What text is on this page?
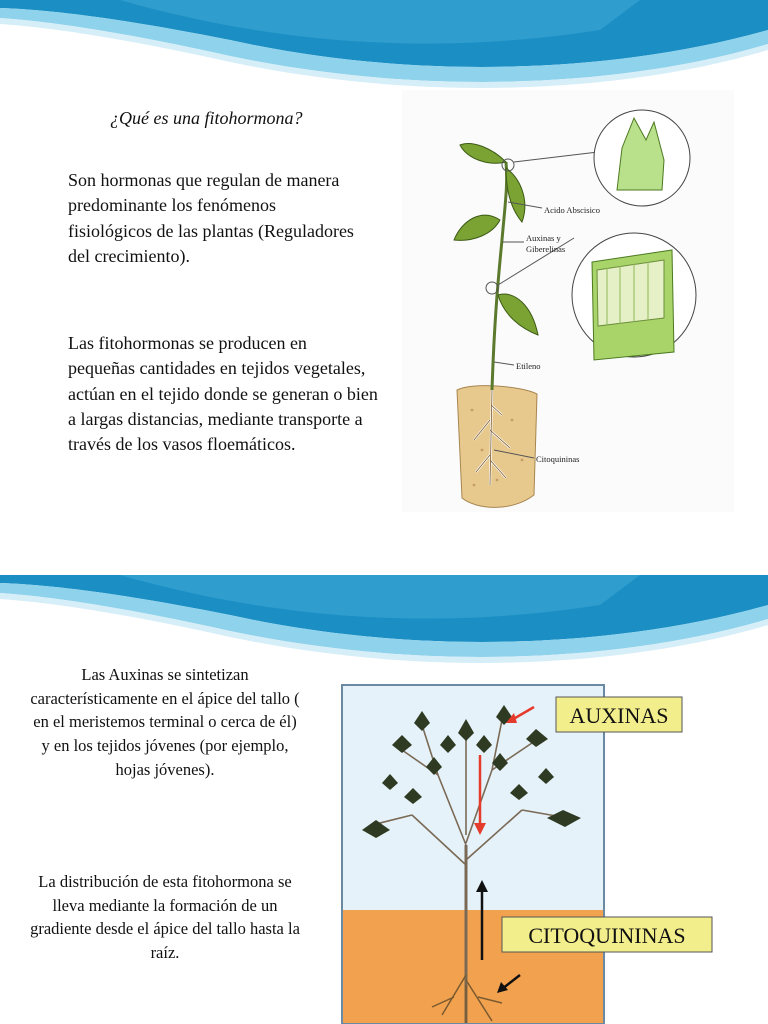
¿Qué es una fitohormona?
Son hormonas que regulan de manera predominante los fenómenos fisiológicos de las plantas (Reguladores del crecimiento).
Las fitohormonas se producen en pequeñas cantidades en tejidos vegetales, actúan en el tejido donde se generan o bien a largas distancias, mediante transporte a través de los vasos floemáticos.
Acido Abscisico
Auxinas y
Giberelinas
Etileno
Citoquininas
Las Auxinas se sintetizan característicamente en el ápice del tallo ( en el meristemos terminal o cerca de él) y en los tejidos jóvenes (por ejemplo, hojas jóvenes).
La distribución de esta fitohormona se lleva mediante la formación de un gradiente desde el ápice del tallo hasta la raíz.
AUXINAS
CITOQUININAS
